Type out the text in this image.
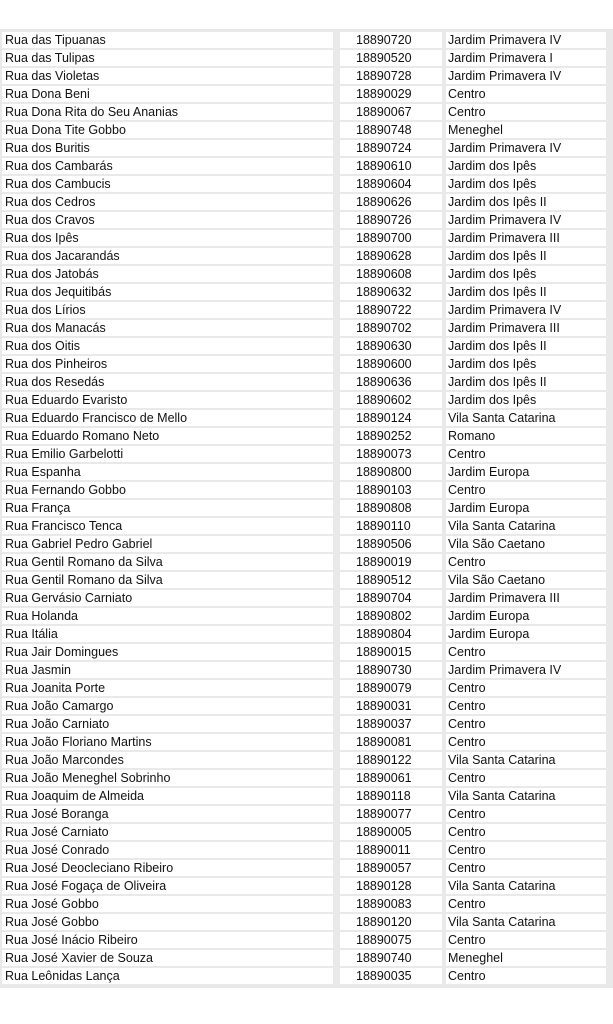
Rua das Tipuanas	18890720	Jardim Primavera IV
Rua das Tulipas	18890520	Jardim Primavera I
Rua das Violetas	18890728	Jardim Primavera IV
Rua Dona Beni	18890029	Centro
Rua Dona Rita do Seu Ananias	18890067	Centro
Rua Dona Tite Gobbo	18890748	Meneghel
Rua dos Buritis	18890724	Jardim Primavera IV
Rua dos Cambarás	18890610	Jardim dos Ipês
Rua dos Cambucis	18890604	Jardim dos Ipês
Rua dos Cedros	18890626	Jardim dos Ipês II
Rua dos Cravos	18890726	Jardim Primavera IV
Rua dos Ipês	18890700	Jardim Primavera III
Rua dos Jacarandás	18890628	Jardim dos Ipês II
Rua dos Jatobás	18890608	Jardim dos Ipês
Rua dos Jequitibás	18890632	Jardim dos Ipês II
Rua dos Lírios	18890722	Jardim Primavera IV
Rua dos Manacás	18890702	Jardim Primavera III
Rua dos Oitis	18890630	Jardim dos Ipês II
Rua dos Pinheiros	18890600	Jardim dos Ipês
Rua dos Resedás	18890636	Jardim dos Ipês II
Rua Eduardo Evaristo	18890602	Jardim dos Ipês
Rua Eduardo Francisco de Mello	18890124	Vila Santa Catarina
Rua Eduardo Romano Neto	18890252	Romano
Rua Emilio Garbelotti	18890073	Centro
Rua Espanha	18890800	Jardim Europa
Rua Fernando Gobbo	18890103	Centro
Rua França	18890808	Jardim Europa
Rua Francisco Tenca	18890110	Vila Santa Catarina
Rua Gabriel Pedro Gabriel	18890506	Vila São Caetano
Rua Gentil Romano da Silva	18890019	Centro
Rua Gentil Romano da Silva	18890512	Vila São Caetano
Rua Gervásio Carniato	18890704	Jardim Primavera III
Rua Holanda	18890802	Jardim Europa
Rua Itália	18890804	Jardim Europa
Rua Jair Domingues	18890015	Centro
Rua Jasmin	18890730	Jardim Primavera IV
Rua Joanita Porte	18890079	Centro
Rua João Camargo	18890031	Centro
Rua João Carniato	18890037	Centro
Rua João Floriano Martins	18890081	Centro
Rua João Marcondes	18890122	Vila Santa Catarina
Rua João Meneghel Sobrinho	18890061	Centro
Rua Joaquim de Almeida	18890118	Vila Santa Catarina
Rua José Boranga	18890077	Centro
Rua José Carniato	18890005	Centro
Rua José Conrado	18890011	Centro
Rua José Deocleciano Ribeiro	18890057	Centro
Rua José Fogaça de Oliveira	18890128	Vila Santa Catarina
Rua José Gobbo	18890083	Centro
Rua José Gobbo	18890120	Vila Santa Catarina
Rua José Inácio Ribeiro	18890075	Centro
Rua José Xavier de Souza	18890740	Meneghel
Rua Leônidas Lança	18890035	Centro
